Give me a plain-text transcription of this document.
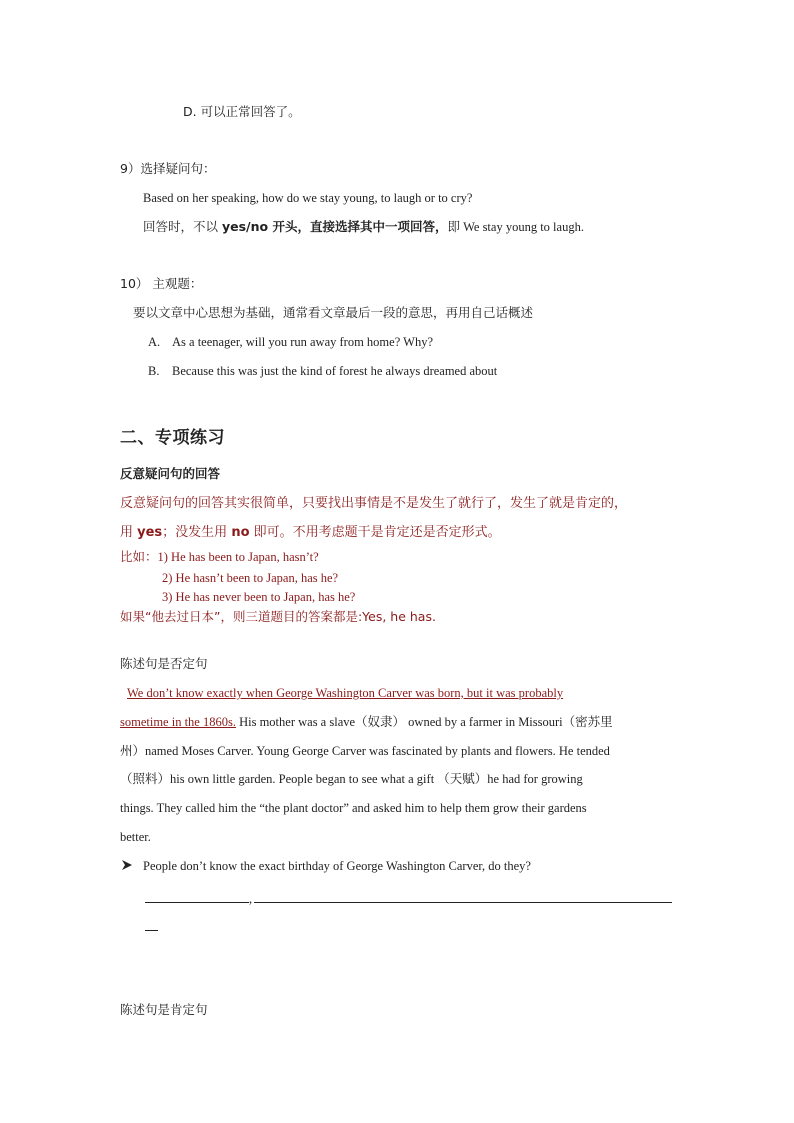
D. 可以正常回答了。
9）选择疑问句：
Based on her speaking, how do we stay young, to laugh or to cry?
回答时，不以 yes/no 开头，直接选择其中一项回答，即 We stay young to laugh.
10） 主观题：
要以文章中心思想为基础，通常看文章最后一段的意思，再用自己话概述
A. As a teenager, will you run away from home? Why?
B. Because this was just the kind of forest he always dreamed about
二、专项练习
反意疑问句的回答
反意疑问句的回答其实很简单，只要找出事情是不是发生了就行了，发生了就是肯定的，
用 yes；没发生用 no 即可。不用考虑题干是肯定还是否定形式。
比如：1) He has been to Japan, hasn’t?
2) He hasn’t been to Japan, has he?
3) He has never been to Japan, has he?
如果“他去过日本”，则三道题目的答案都是:Yes, he has.
陈述句是否定句
We don’t know exactly when George Washington Carver was born, but it was probably
sometime in the 1860s. His mother was a slave（奴隶） owned by a farmer in Missouri（密苏里
州）named Moses Carver. Young George Carver was fascinated by plants and flowers. He tended
（照料）his own little garden. People began to see what a gift （天赋）he had for growing
things. They called him the “the plant doctor” and asked him to help them grow their gardens
better.
People don’t know the exact birthday of George Washington Carver, do they?
,
陈述句是肯定句
